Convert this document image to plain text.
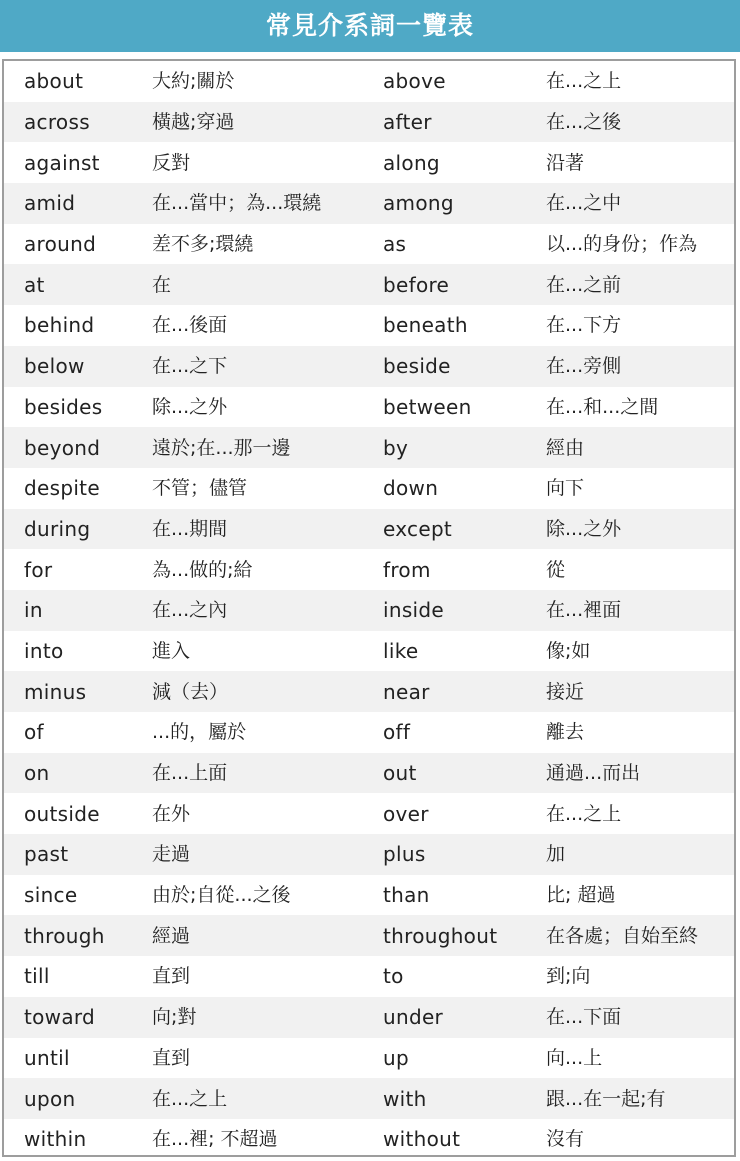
常見介系詞一覽表
about	大約;關於	above	在...之上
across	橫越;穿過	after	在...之後
against	反對	along	沿著
amid	在...當中；為...環繞	among	在...之中
around	差不多;環繞	as	以...的身份；作為
at	在	before	在...之前
behind	在...後面	beneath	在...下方
below	在...之下	beside	在...旁側
besides	除...之外	between	在...和...之間
beyond	遠於;在...那一邊	by	經由
despite	不管；儘管	down	向下
during	在...期間	except	除...之外
for	為...做的;給	from	從
in	在...之內	inside	在...裡面
into	進入	like	像;如
minus	減（去）	near	接近
of	...的，屬於	off	離去
on	在...上面	out	通過...而出
outside	在外	over	在...之上
past	走過	plus	加
since	由於;自從...之後	than	比; 超過
through	經過	throughout	在各處；自始至終
till	直到	to	到;向
toward	向;對	under	在...下面
until	直到	up	向...上
upon	在...之上	with	跟...在一起;有
within	在...裡; 不超過	without	沒有
